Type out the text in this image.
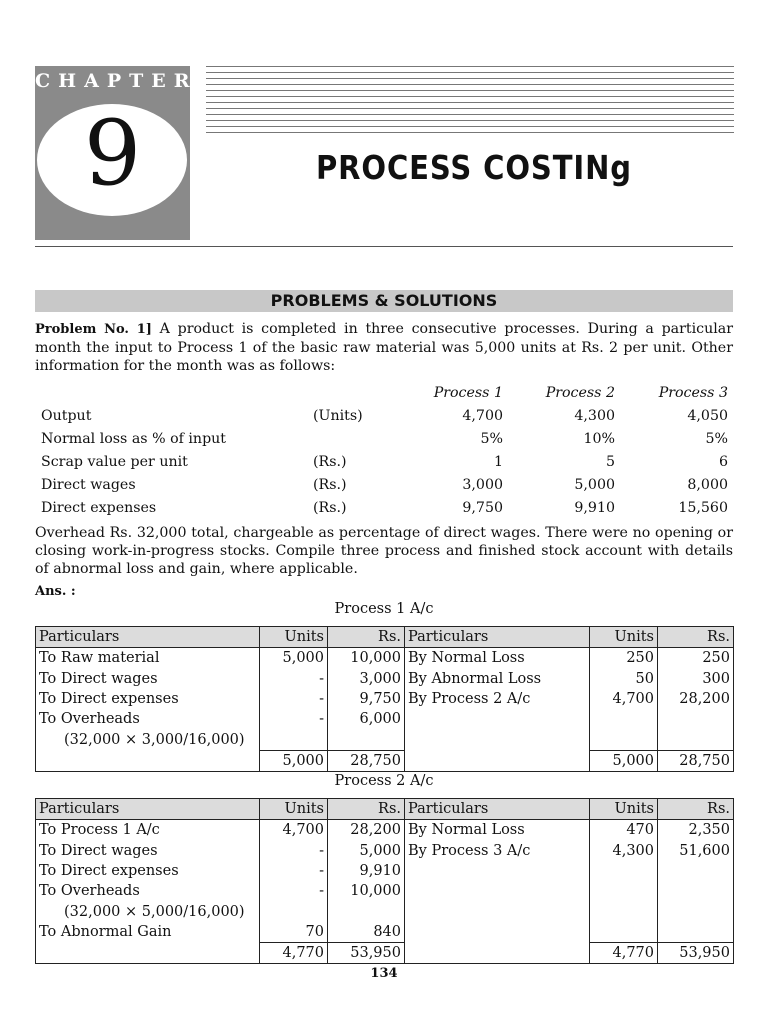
CHAPTER
9	PROCESS COSTINg
PROBLEMS & SOLUTIONS
Problem No. 1] A product is completed in three consecutive processes. During a particular month the input to Process 1 of the basic raw material was 5,000 units at Rs. 2 per unit. Other information for the month was as follows:
Process 1	Process 2	Process 3
Output	(Units)	4,700	4,300	4,050
Normal loss as % of input	5%	10%	5%
Scrap value per unit	(Rs.)	1	5	6
Direct wages	(Rs.)	3,000	5,000	8,000
Direct expenses	(Rs.)	9,750	9,910	15,560
Overhead Rs. 32,000 total, chargeable as percentage of direct wages. There were no opening or closing work-in-progress stocks. Compile three process and finished stock account with details of abnormal loss and gain, where applicable.
Ans. :
Process 1 A/c
Particulars	Units	Rs.	Particulars	Units	Rs.
To Raw material	5,000	10,000	By Normal Loss	250	250
To Direct wages	-	3,000	By Abnormal Loss	50	300
To Direct expenses	-	9,750	By Process 2 A/c	4,700	28,200
To Overheads	-	6,000			
(32,000 × 3,000/16,000)					
	5,000	28,750		5,000	28,750
Process 2 A/c
Particulars	Units	Rs.	Particulars	Units	Rs.
To Process 1 A/c	4,700	28,200	By Normal Loss	470	2,350
To Direct wages	-	5,000	By Process 3 A/c	4,300	51,600
To Direct expenses	-	9,910			
To Overheads	-	10,000			
(32,000 × 5,000/16,000)					
To Abnormal Gain	70	840			
	4,770	53,950		4,770	53,950
134
